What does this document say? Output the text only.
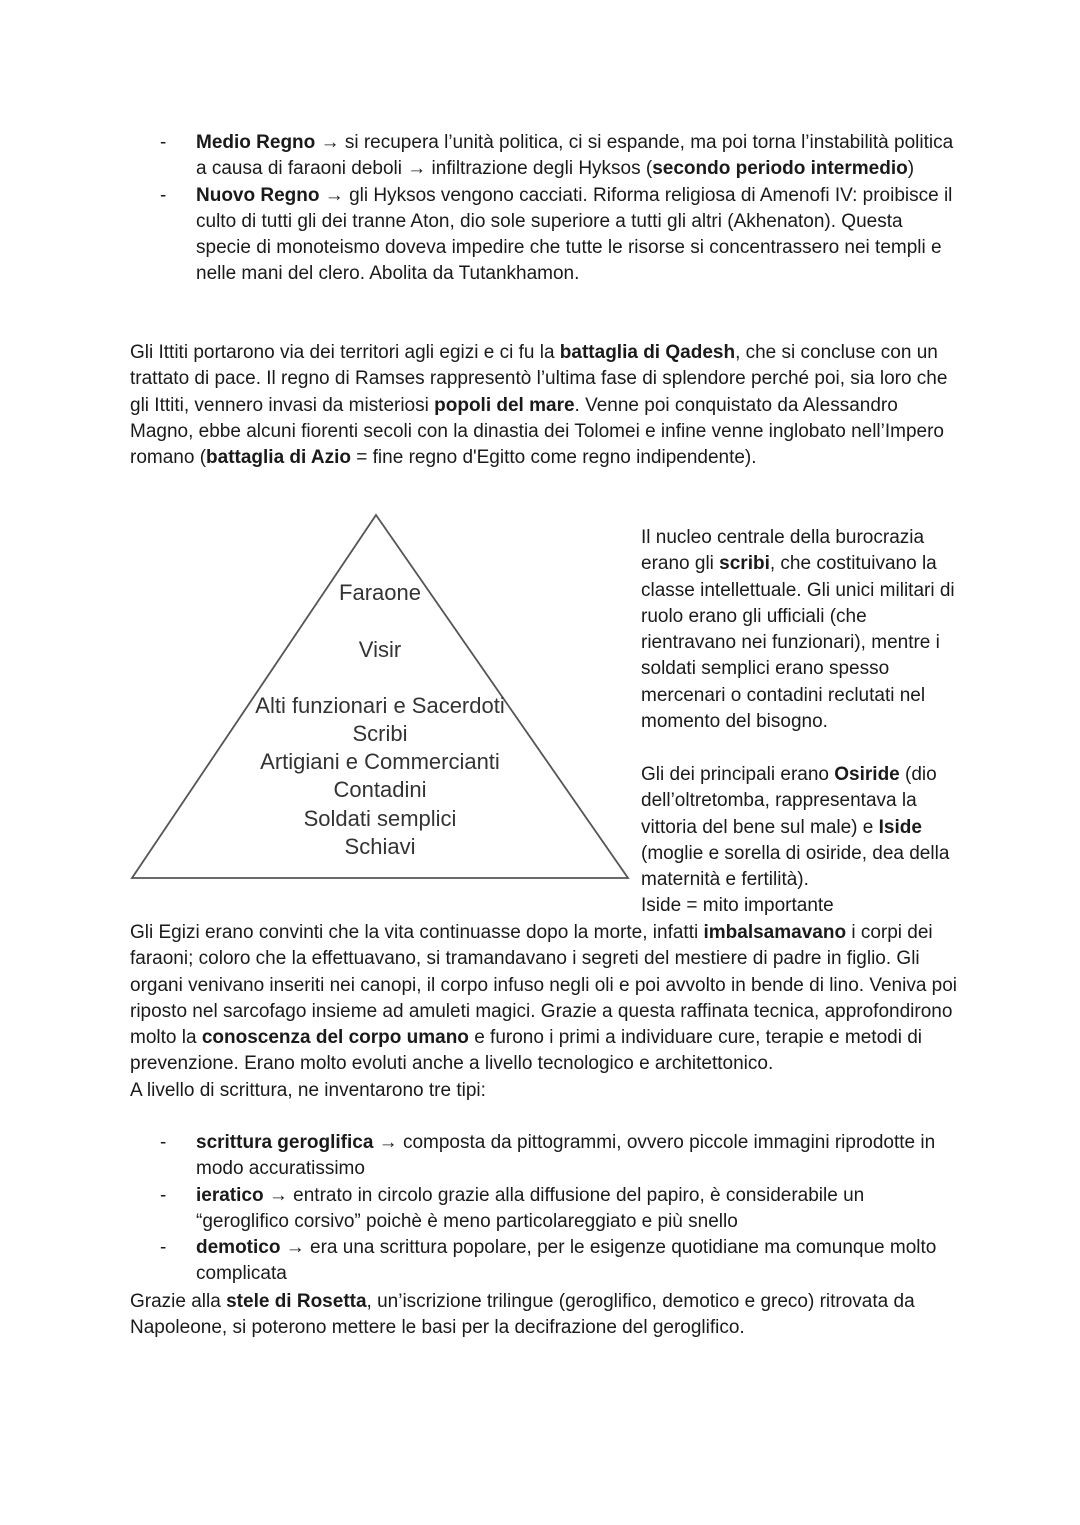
- Medio Regno → si recupera l’unità politica, ci si espande, ma poi torna l’instabilità politica a causa di faraoni deboli → infiltrazione degli Hyksos (secondo periodo intermedio)
- Nuovo Regno → gli Hyksos vengono cacciati. Riforma religiosa di Amenofi IV: proibisce il culto di tutti gli dei tranne Aton, dio sole superiore a tutti gli altri (Akhenaton). Questa specie di monoteismo doveva impedire che tutte le risorse si concentrassero nei templi e nelle mani del clero. Abolita da Tutankhamon.

Gli Ittiti portarono via dei territori agli egizi e ci fu la battaglia di Qadesh, che si concluse con un trattato di pace. Il regno di Ramses rappresentò l’ultima fase di splendore perché poi, sia loro che gli Ittiti, vennero invasi da misteriosi popoli del mare. Venne poi conquistato da Alessandro Magno, ebbe alcuni fiorenti secoli con la dinastia dei Tolomei e infine venne inglobato nell’Impero romano (battaglia di Azio = fine regno d'Egitto come regno indipendente).

Faraone
Visir
Alti funzionari e Sacerdoti
Scribi
Artigiani e Commercianti
Contadini
Soldati semplici
Schiavi

Il nucleo centrale della burocrazia erano gli scribi, che costituivano la classe intellettuale. Gli unici militari di ruolo erano gli ufficiali (che rientravano nei funzionari), mentre i soldati semplici erano spesso mercenari o contadini reclutati nel momento del bisogno.

Gli dei principali erano Osiride (dio dell’oltretomba, rappresentava la vittoria del bene sul male) e Iside (moglie e sorella di osiride, dea della maternità e fertilità).
Iside = mito importante

Gli Egizi erano convinti che la vita continuasse dopo la morte, infatti imbalsamavano i corpi dei faraoni; coloro che la effettuavano, si tramandavano i segreti del mestiere di padre in figlio. Gli organi venivano inseriti nei canopi, il corpo infuso negli oli e poi avvolto in bende di lino. Veniva poi riposto nel sarcofago insieme ad amuleti magici. Grazie a questa raffinata tecnica, approfondirono molto la conoscenza del corpo umano e furono i primi a individuare cure, terapie e metodi di prevenzione. Erano molto evoluti anche a livello tecnologico e architettonico.
A livello di scrittura, ne inventarono tre tipi:

- scrittura geroglifica → composta da pittogrammi, ovvero piccole immagini riprodotte in modo accuratissimo
- ieratico → entrato in circolo grazie alla diffusione del papiro, è considerabile un “geroglifico corsivo” poichè è meno particolareggiato e più snello
- demotico → era una scrittura popolare, per le esigenze quotidiane ma comunque molto complicata

Grazie alla stele di Rosetta, un’iscrizione trilingue (geroglifico, demotico e greco) ritrovata da Napoleone, si poterono mettere le basi per la decifrazione del geroglifico.
